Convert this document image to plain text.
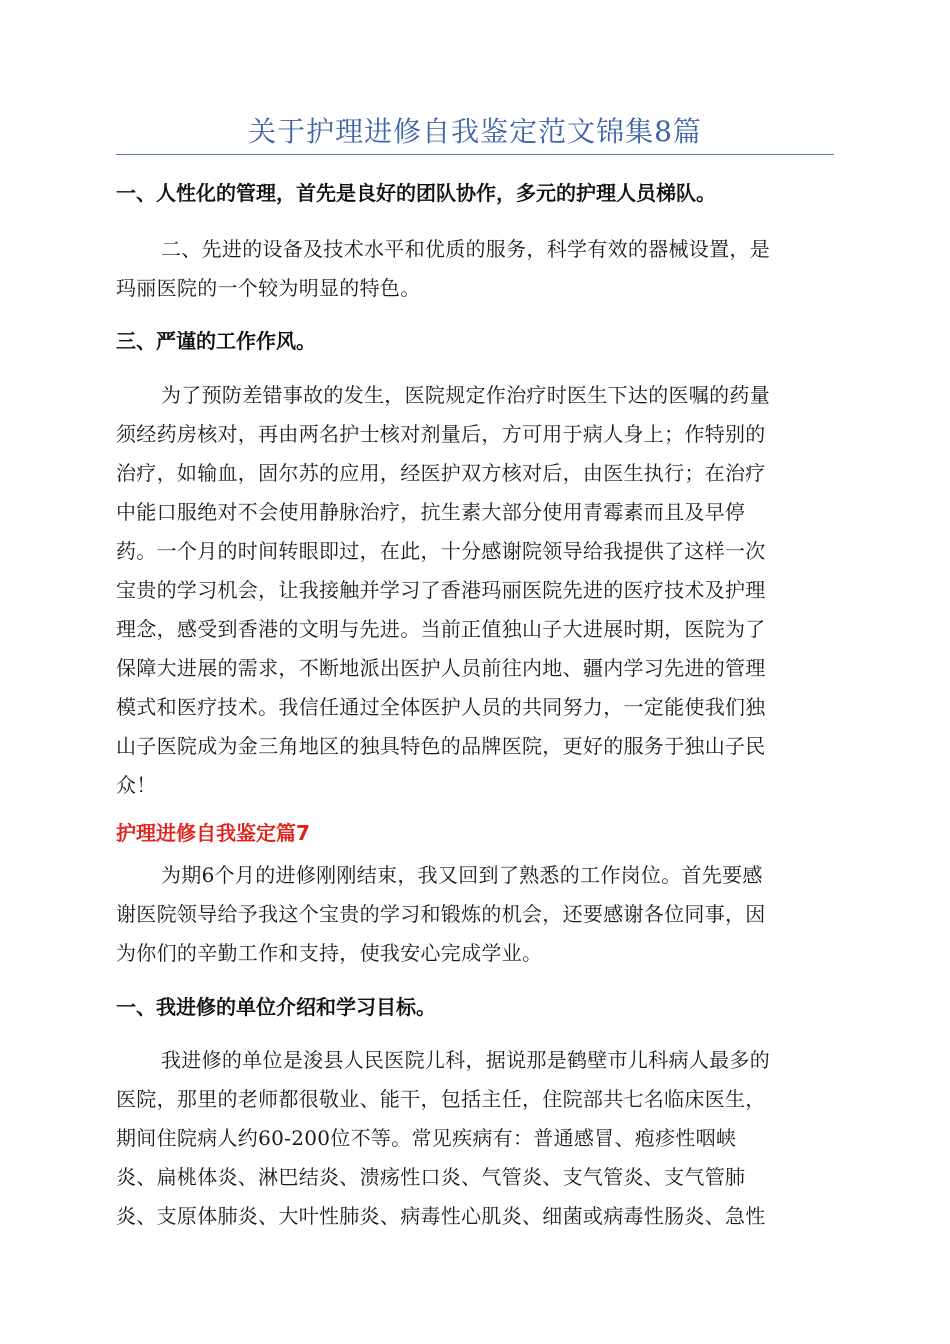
关于护理进修自我鉴定范文锦集8篇
一、人性化的管理，首先是良好的团队协作，多元的护理人员梯队。
二、先进的设备及技术水平和优质的服务，科学有效的器械设置，是
玛丽医院的一个较为明显的特色。
三、严谨的工作作风。
为了预防差错事故的发生，医院规定作治疗时医生下达的医嘱的药量
须经药房核对，再由两名护士核对剂量后，方可用于病人身上；作特别的
治疗，如输血，固尔苏的应用，经医护双方核对后，由医生执行；在治疗
中能口服绝对不会使用静脉治疗，抗生素大部分使用青霉素而且及早停
药。一个月的时间转眼即过，在此，十分感谢院领导给我提供了这样一次
宝贵的学习机会，让我接触并学习了香港玛丽医院先进的医疗技术及护理
理念，感受到香港的文明与先进。当前正值独山子大进展时期，医院为了
保障大进展的需求，不断地派出医护人员前往内地、疆内学习先进的管理
模式和医疗技术。我信任通过全体医护人员的共同努力，一定能使我们独
山子医院成为金三角地区的独具特色的品牌医院，更好的服务于独山子民
众！
护理进修自我鉴定篇7
为期6个月的进修刚刚结束，我又回到了熟悉的工作岗位。首先要感
谢医院领导给予我这个宝贵的学习和锻炼的机会，还要感谢各位同事，因
为你们的辛勤工作和支持，使我安心完成学业。
一、我进修的单位介绍和学习目标。
我进修的单位是浚县人民医院儿科，据说那是鹤壁市儿科病人最多的
医院，那里的老师都很敬业、能干，包括主任，住院部共七名临床医生，
期间住院病人约60-200位不等。常见疾病有：普通感冒、疱疹性咽峡
炎、扁桃体炎、淋巴结炎、溃疡性口炎、气管炎、支气管炎、支气管肺
炎、支原体肺炎、大叶性肺炎、病毒性心肌炎、细菌或病毒性肠炎、急性
